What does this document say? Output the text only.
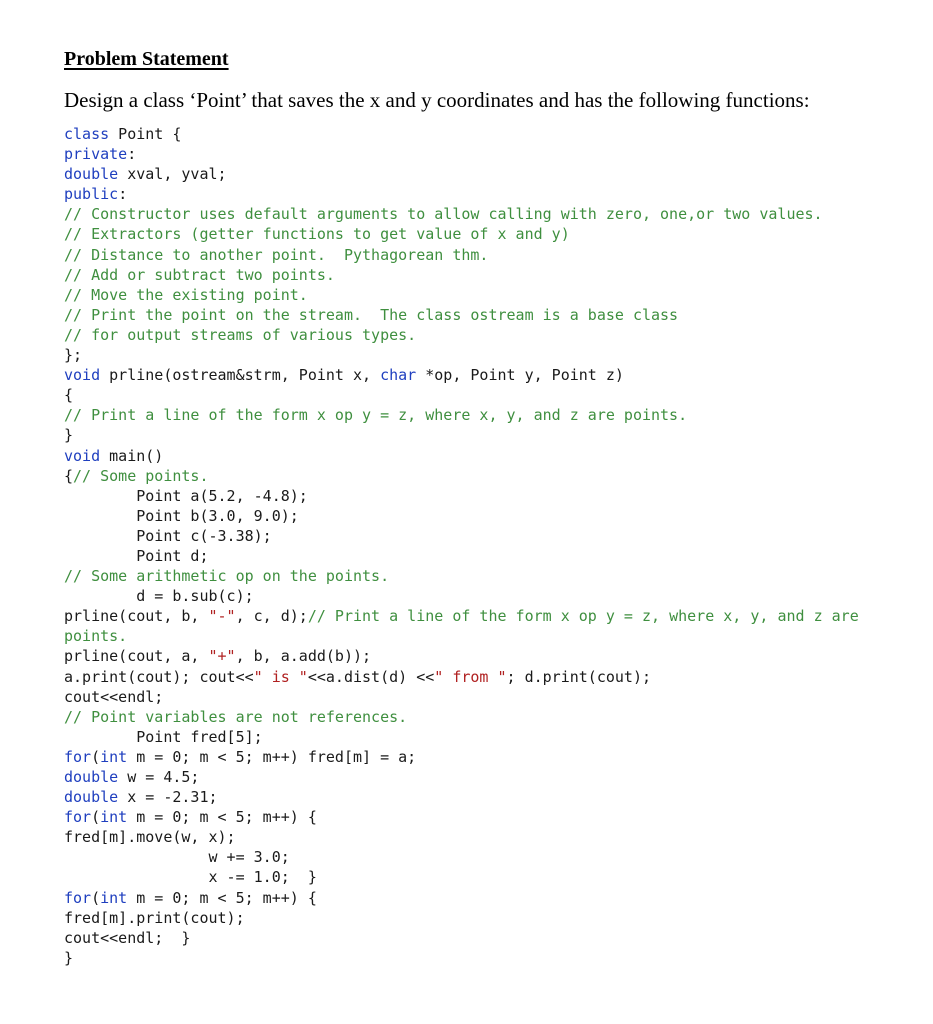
Problem Statement

Design a class ‘Point’ that saves the x and y coordinates and has the following functions:

class Point {
private:
double xval, yval;
public:
// Constructor uses default arguments to allow calling with zero, one,or two values.
// Extractors (getter functions to get value of x and y)
// Distance to another point.  Pythagorean thm.
// Add or subtract two points.
// Move the existing point.
// Print the point on the stream.  The class ostream is a base class
// for output streams of various types.
};
void prline(ostream&strm, Point x, char *op, Point y, Point z)
{
// Print a line of the form x op y = z, where x, y, and z are points.
}
void main()
{// Some points.
Point a(5.2, -4.8);
Point b(3.0, 9.0);
Point c(-3.38);
Point d;
// Some arithmetic op on the points.
d = b.sub(c);
prline(cout, b, "-", c, d);// Print a line of the form x op y = z, where x, y, and z are
points.
prline(cout, a, "+", b, a.add(b));
a.print(cout); cout<<" is "<<a.dist(d) <<" from "; d.print(cout);
cout<<endl;
// Point variables are not references.
Point fred[5];
for(int m = 0; m < 5; m++) fred[m] = a;
double w = 4.5;
double x = -2.31;
for(int m = 0; m < 5; m++) {
fred[m].move(w, x);
w += 3.0;
x -= 1.0;  }
for(int m = 0; m < 5; m++) {
fred[m].print(cout);
cout<<endl;  }
}
